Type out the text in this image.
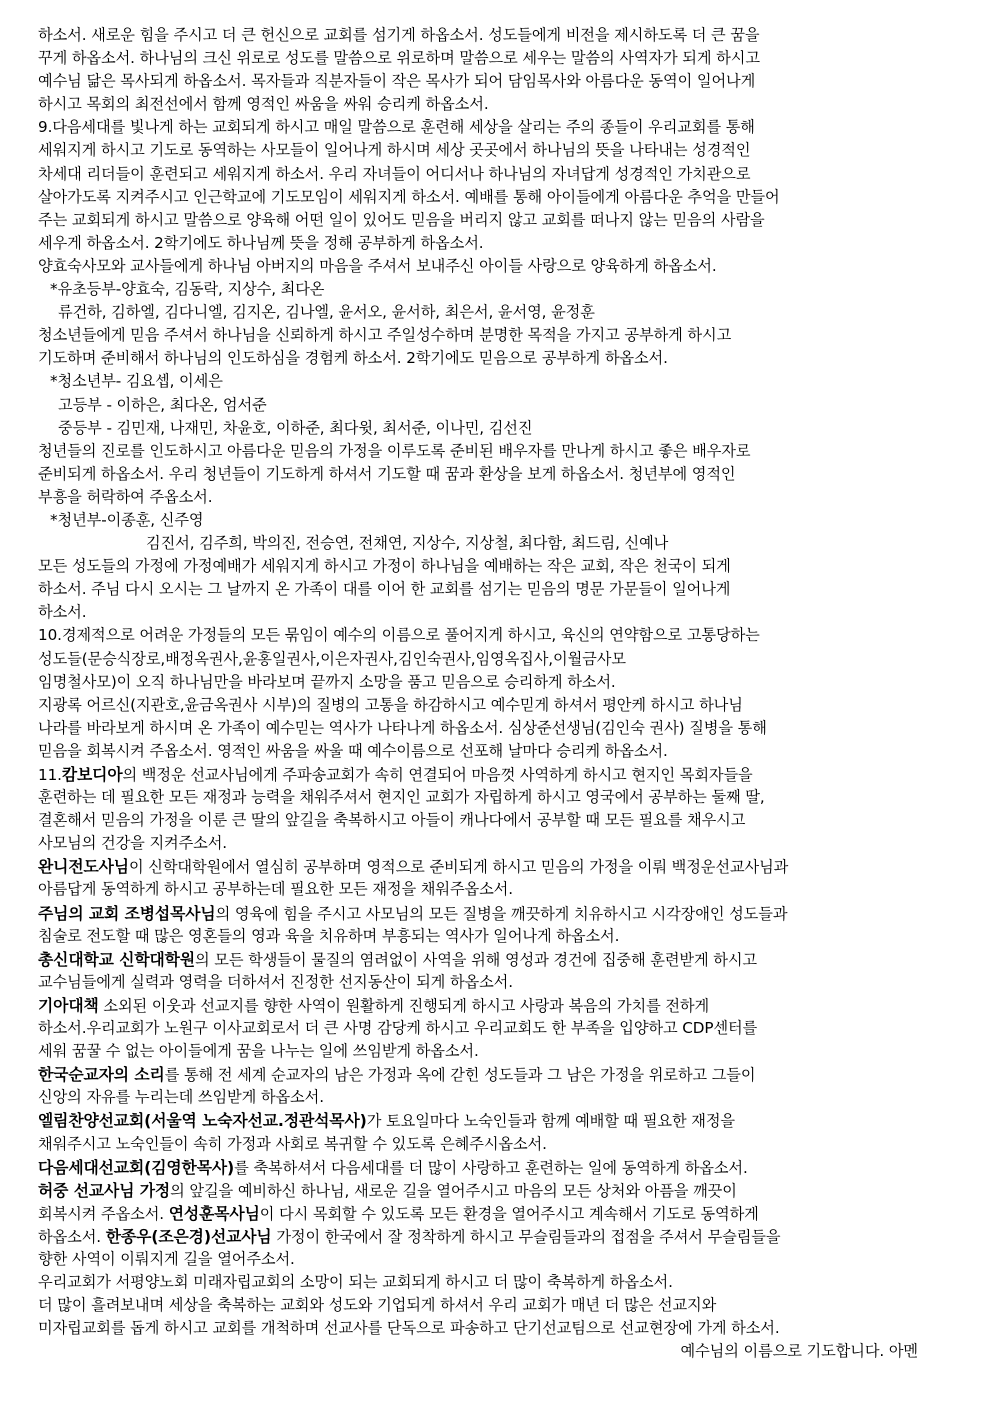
하소서. 새로운 힘을 주시고 더 큰 헌신으로 교회를 섬기게 하옵소서. 성도들에게 비전을 제시하도록 더 큰 꿈을
꾸게 하옵소서. 하나님의 크신 위로로 성도를 말씀으로 위로하며 말씀으로 세우는 말씀의 사역자가 되게 하시고
예수님 닮은 목사되게 하옵소서. 목자들과 직분자들이 작은 목사가 되어 담임목사와 아름다운 동역이 일어나게
하시고 목회의 최전선에서 함께 영적인 싸움을 싸워 승리케 하옵소서.
9.다음세대를 빛나게 하는 교회되게 하시고 매일 말씀으로 훈련해 세상을 살리는 주의 종들이 우리교회를 통해
세워지게 하시고 기도로 동역하는 사모들이 일어나게 하시며 세상 곳곳에서 하나님의 뜻을 나타내는 성경적인
차세대 리더들이 훈련되고 세워지게 하소서. 우리 자녀들이 어디서나 하나님의 자녀답게 성경적인 가치관으로
살아가도록 지켜주시고 인근학교에 기도모임이 세워지게 하소서. 예배를 통해 아이들에게 아름다운 추억을 만들어
주는 교회되게 하시고 말씀으로 양육해 어떤 일이 있어도 믿음을 버리지 않고 교회를 떠나지 않는 믿음의 사람을
세우게 하옵소서. 2학기에도 하나님께 뜻을 정해 공부하게 하옵소서.
양효숙사모와 교사들에게 하나님 아버지의 마음을 주셔서 보내주신 아이들 사랑으로 양육하게 하옵소서.
*유초등부-양효숙, 김동락, 지상수, 최다온
류건하, 김하엘, 김다니엘, 김지온, 김나엘, 윤서오, 윤서하, 최은서, 윤서영, 윤정훈
청소년들에게 믿음 주셔서 하나님을 신뢰하게 하시고 주일성수하며 분명한 목적을 가지고 공부하게 하시고
기도하며 준비해서 하나님의 인도하심을 경험케 하소서. 2학기에도 믿음으로 공부하게 하옵소서.
*청소년부- 김요셉, 이세은
고등부 - 이하은, 최다온, 엄서준
중등부 - 김민재, 나재민, 차윤호, 이하준, 최다윗, 최서준, 이나민, 김선진
청년들의 진로를 인도하시고 아름다운 믿음의 가정을 이루도록 준비된 배우자를 만나게 하시고 좋은 배우자로
준비되게 하옵소서. 우리 청년들이 기도하게 하셔서 기도할 때 꿈과 환상을 보게 하옵소서. 청년부에 영적인
부흥을 허락하여 주옵소서.
*청년부-이종훈, 신주영
김진서, 김주희, 박의진, 전승연, 전채연, 지상수, 지상철, 최다함, 최드림, 신예나
모든 성도들의 가정에 가정예배가 세워지게 하시고 가정이 하나님을 예배하는 작은 교회, 작은 천국이 되게
하소서. 주님 다시 오시는 그 날까지 온 가족이 대를 이어 한 교회를 섬기는 믿음의 명문 가문들이 일어나게
하소서.
10.경제적으로 어려운 가정들의 모든 묶임이 예수의 이름으로 풀어지게 하시고, 육신의 연약함으로 고통당하는
성도들(문승식장로,배정옥권사,윤홍일권사,이은자권사,김인숙권사,임영옥집사,이월금사모
임명철사모)이 오직 하나님만을 바라보며 끝까지 소망을 품고 믿음으로 승리하게 하소서.
지광록 어르신(지관호,윤금옥권사 시부)의 질병의 고통을 하감하시고 예수믿게 하셔서 평안케 하시고 하나님
나라를 바라보게 하시며 온 가족이 예수믿는 역사가 나타나게 하옵소서. 심상준선생님(김인숙 권사) 질병을 통해
믿음을 회복시켜 주옵소서. 영적인 싸움을 싸울 때 예수이름으로 선포해 날마다 승리케 하옵소서.
11.캄보디아의 백정운 선교사님에게 주파송교회가 속히 연결되어 마음껏 사역하게 하시고 현지인 목회자들을
훈련하는 데 필요한 모든 재정과 능력을 채워주셔서 현지인 교회가 자립하게 하시고 영국에서 공부하는 둘째 딸,
결혼해서 믿음의 가정을 이룬 큰 딸의 앞길을 축복하시고 아들이 캐나다에서 공부할 때 모든 필요를 채우시고
사모님의 건강을 지켜주소서.
완니전도사님이 신학대학원에서 열심히 공부하며 영적으로 준비되게 하시고 믿음의 가정을 이뤄 백정운선교사님과
아름답게 동역하게 하시고 공부하는데 필요한 모든 재정을 채워주옵소서.
주님의 교회 조병섭목사님의 영육에 힘을 주시고 사모님의 모든 질병을 깨끗하게 치유하시고 시각장애인 성도들과
침술로 전도할 때 많은 영혼들의 영과 육을 치유하며 부흥되는 역사가 일어나게 하옵소서.
총신대학교 신학대학원의 모든 학생들이 물질의 염려없이 사역을 위해 영성과 경건에 집중해 훈련받게 하시고
교수님들에게 실력과 영력을 더하셔서 진정한 선지동산이 되게 하옵소서.
기아대책 소외된 이웃과 선교지를 향한 사역이 원활하게 진행되게 하시고 사랑과 복음의 가치를 전하게
하소서.우리교회가 노원구 이사교회로서 더 큰 사명 감당케 하시고 우리교회도 한 부족을 입양하고 CDP센터를
세워 꿈꿀 수 없는 아이들에게 꿈을 나누는 일에 쓰임받게 하옵소서.
한국순교자의 소리를 통해 전 세계 순교자의 남은 가정과 옥에 갇힌 성도들과 그 남은 가정을 위로하고 그들이
신앙의 자유를 누리는데 쓰임받게 하옵소서.
엘림찬양선교회(서울역 노숙자선교.정관석목사)가 토요일마다 노숙인들과 함께 예배할 때 필요한 재정을
채워주시고 노숙인들이 속히 가정과 사회로 복귀할 수 있도록 은혜주시옵소서.
다음세대선교회(김영한목사)를 축복하셔서 다음세대를 더 많이 사랑하고 훈련하는 일에 동역하게 하옵소서.
허중 선교사님 가정의 앞길을 예비하신 하나님, 새로운 길을 열어주시고 마음의 모든 상처와 아픔을 깨끗이
회복시켜 주옵소서. 연성훈목사님이 다시 목회할 수 있도록 모든 환경을 열어주시고 계속해서 기도로 동역하게
하옵소서. 한종우(조은경)선교사님 가정이 한국에서 잘 정착하게 하시고 무슬림들과의 접점을 주셔서 무슬림들을
향한 사역이 이뤄지게 길을 열어주소서.
우리교회가 서평양노회 미래자립교회의 소망이 되는 교회되게 하시고 더 많이 축복하게 하옵소서.
더 많이 흘려보내며 세상을 축복하는 교회와 성도와 기업되게 하셔서 우리 교회가 매년 더 많은 선교지와
미자립교회를 돕게 하시고 교회를 개척하며 선교사를 단독으로 파송하고 단기선교팀으로 선교현장에 가게 하소서.
예수님의 이름으로 기도합니다. 아멘
